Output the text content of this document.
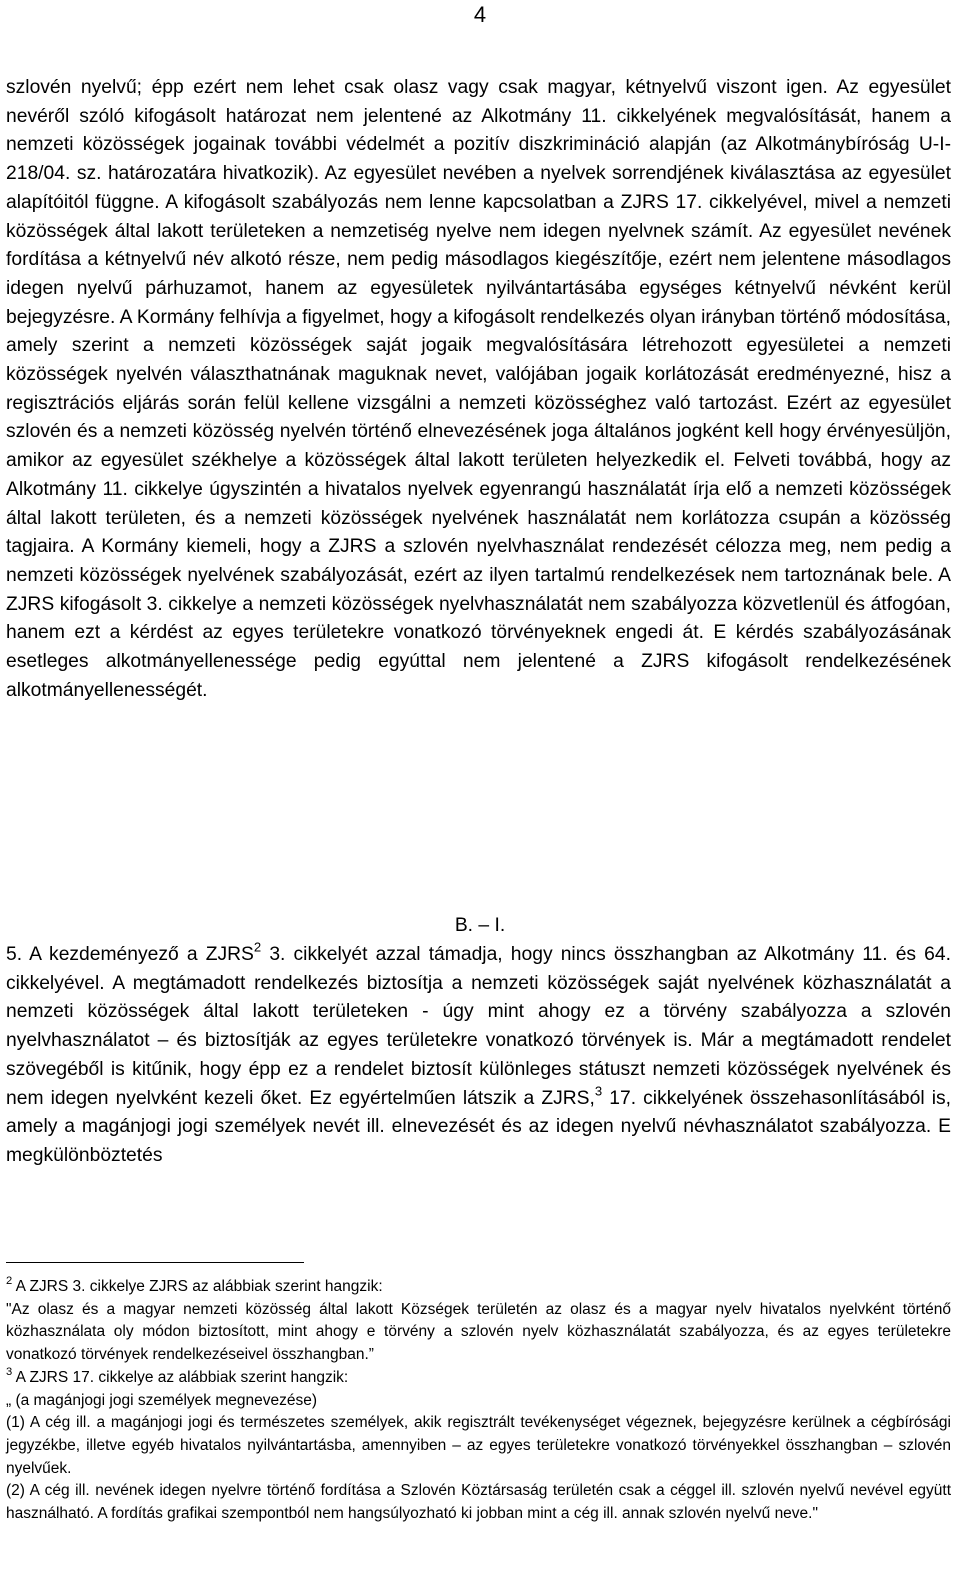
4

szlovén nyelvű; épp ezért nem lehet csak olasz vagy csak magyar, kétnyelvű viszont igen. Az egyesület nevéről szóló kifogásolt határozat nem jelentené az Alkotmány 11. cikkelyének megvalósítását, hanem a nemzeti közösségek jogainak további védelmét a pozitív diszkrimináció alapján (az Alkotmánybíróság U-I-218/04. sz. határozatára hivatkozik). Az egyesület nevében a nyelvek sorrendjének kiválasztása az egyesület alapítóitól függne. A kifogásolt szabályozás nem lenne kapcsolatban a ZJRS 17. cikkelyével, mivel a nemzeti közösségek által lakott területeken a nemzetiség nyelve nem idegen nyelvnek számít. Az egyesület nevének fordítása a kétnyelvű név alkotó része, nem pedig másodlagos kiegészítője, ezért nem jelentene másodlagos idegen nyelvű párhuzamot, hanem az egyesületek nyilvántartásába egységes kétnyelvű névként kerül bejegyzésre. A Kormány felhívja a figyelmet, hogy a kifogásolt rendelkezés olyan irányban történő módosítása, amely szerint a nemzeti közösségek saját jogaik megvalósítására létrehozott egyesületei a nemzeti közösségek nyelvén választhatnának maguknak nevet, valójában jogaik korlátozását eredményezné, hisz a regisztrációs eljárás során felül kellene vizsgálni a nemzeti közösséghez való tartozást. Ezért az egyesület szlovén és a nemzeti közösség nyelvén történő elnevezésének joga általános jogként kell hogy érvényesüljön, amikor az egyesület székhelye a közösségek által lakott területen helyezkedik el. Felveti továbbá, hogy az Alkotmány 11. cikkelye úgyszintén a hivatalos nyelvek egyenrangú használatát írja elő a nemzeti közösségek által lakott területen, és a nemzeti közösségek nyelvének használatát nem korlátozza csupán a közösség tagjaira. A Kormány kiemeli, hogy a ZJRS a szlovén nyelvhasználat rendezését célozza meg, nem pedig a nemzeti közösségek nyelvének szabályozását, ezért az ilyen tartalmú rendelkezések nem tartoznának bele. A ZJRS kifogásolt 3. cikkelye a nemzeti közösségek nyelvhasználatát nem szabályozza közvetlenül és átfogóan, hanem ezt a kérdést az egyes területekre vonatkozó törvényeknek engedi át. E kérdés szabályozásának esetleges alkotmányellenessége pedig egyúttal nem jelentené a ZJRS kifogásolt rendelkezésének alkotmányellenességét.

B. – I.

5. A kezdeményező a ZJRS$^2$ 3. cikkelyét azzal támadja, hogy nincs összhangban az Alkotmány 11. és 64. cikkelyével. A megtámadott rendelkezés biztosítja a nemzeti közösségek saját nyelvének közhasználatát a nemzeti közösségek által lakott területeken - úgy mint ahogy ez a törvény szabályozza a szlovén nyelvhasználatot – és biztosítják az egyes területekre vonatkozó törvények is. Már a megtámadott rendelet szövegéből is kitűnik, hogy épp ez a rendelet biztosít különleges státuszt nemzeti közösségek nyelvének és nem idegen nyelvként kezeli őket. Ez egyértelműen látszik a ZJRS,$^3$ 17. cikkelyének összehasonlításából is, amely a magánjogi jogi személyek nevét ill. elnevezését és az idegen nyelvű névhasználatot szabályozza. E megkülönböztetés

$^2$ A ZJRS 3. cikkelye ZJRS az alábbiak szerint hangzik:

"Az olasz és a magyar nemzeti közösség által lakott Községek területén az olasz és a magyar nyelv hivatalos nyelvként történő közhasználata oly módon biztosított, mint ahogy e törvény a szlovén nyelv közhasználatát szabályozza, és az egyes területekre vonatkozó törvények rendelkezéseivel összhangban.”

$^3$ A ZJRS 17. cikkelye az alábbiak szerint hangzik:

„ (a magánjogi jogi személyek megnevezése)

(1) A cég ill. a magánjogi jogi és természetes személyek, akik regisztrált tevékenységet végeznek, bejegyzésre kerülnek a cégbírósági jegyzékbe, illetve egyéb hivatalos nyilvántartásba, amennyiben – az egyes területekre vonatkozó törvényekkel összhangban – szlovén nyelvűek.

(2) A cég ill. nevének idegen nyelvre történő fordítása a Szlovén Köztársaság területén csak a céggel ill. szlovén nyelvű nevével együtt használható. A fordítás grafikai szempontból nem hangsúlyozható ki jobban mint a cég ill. annak szlovén nyelvű neve."
